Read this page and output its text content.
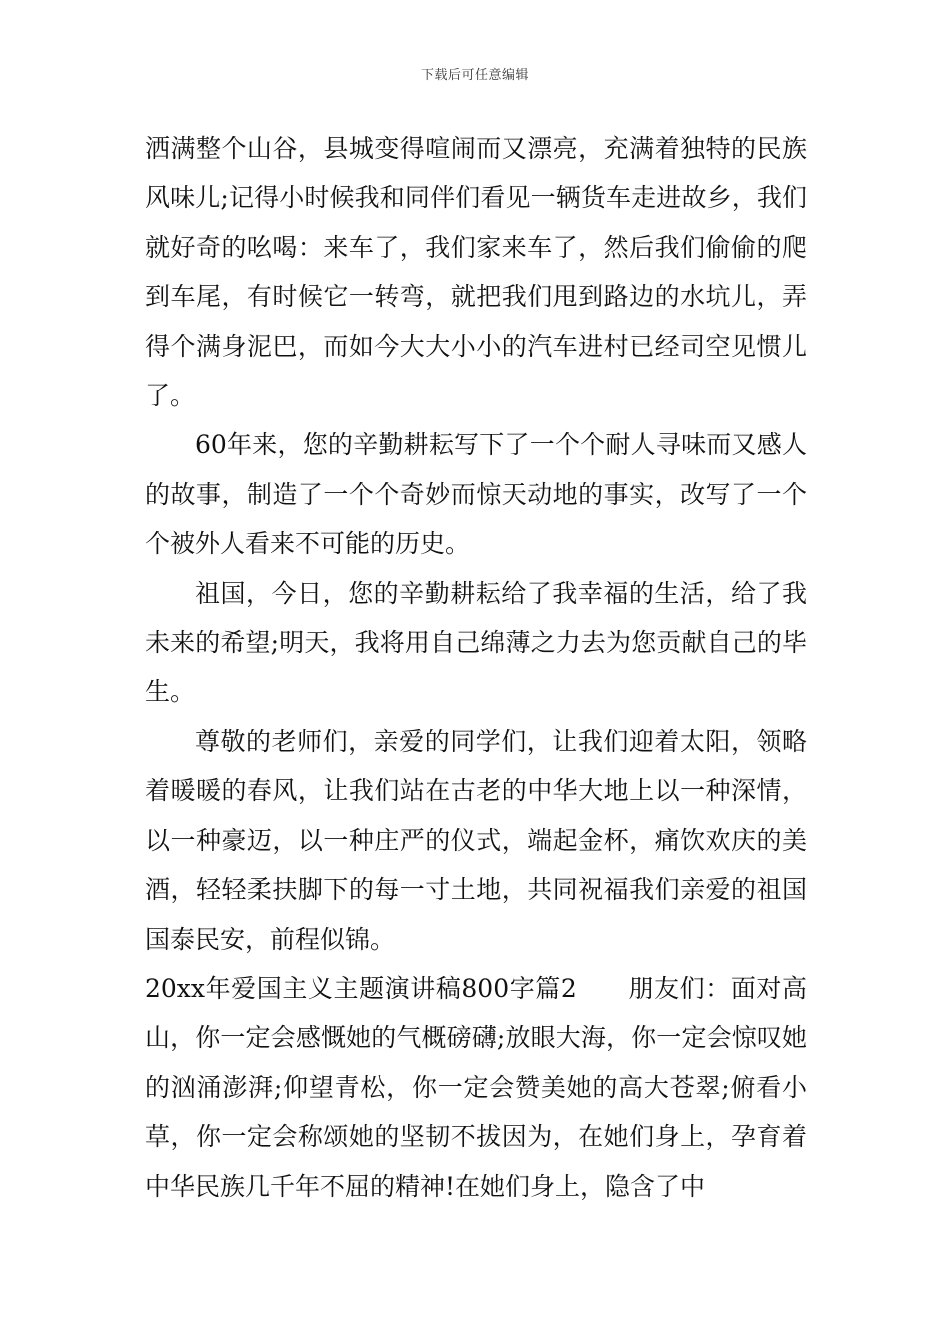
下载后可任意编辑

洒满整个山谷，县城变得喧闹而又漂亮，充满着独特的民族风味儿;记得小时候我和同伴们看见一辆货车走进故乡，我们就好奇的吆喝：来车了，我们家来车了，然后我们偷偷的爬到车尾，有时候它一转弯，就把我们甩到路边的水坑儿，弄得个满身泥巴，而如今大大小小的汽车进村已经司空见惯儿了。

60年来，您的辛勤耕耘写下了一个个耐人寻味而又感人的故事，制造了一个个奇妙而惊天动地的事实，改写了一个个被外人看来不可能的历史。

祖国，今日，您的辛勤耕耘给了我幸福的生活，给了我未来的希望;明天，我将用自己绵薄之力去为您贡献自己的毕生。

尊敬的老师们，亲爱的同学们，让我们迎着太阳，领略着暖暖的春风，让我们站在古老的中华大地上以一种深情，以一种豪迈，以一种庄严的仪式，端起金杯，痛饮欢庆的美酒，轻轻柔扶脚下的每一寸土地，共同祝福我们亲爱的祖国国泰民安，前程似锦。

20xx年爱国主义主题演讲稿800字篇2　　朋友们：面对高山，你一定会感慨她的气概磅礴;放眼大海，你一定会惊叹她的汹涌澎湃;仰望青松，你一定会赞美她的高大苍翠;俯看小草，你一定会称颂她的坚韧不拔因为，在她们身上，孕育着中华民族几千年不屈的精神!在她们身上，隐含了中
